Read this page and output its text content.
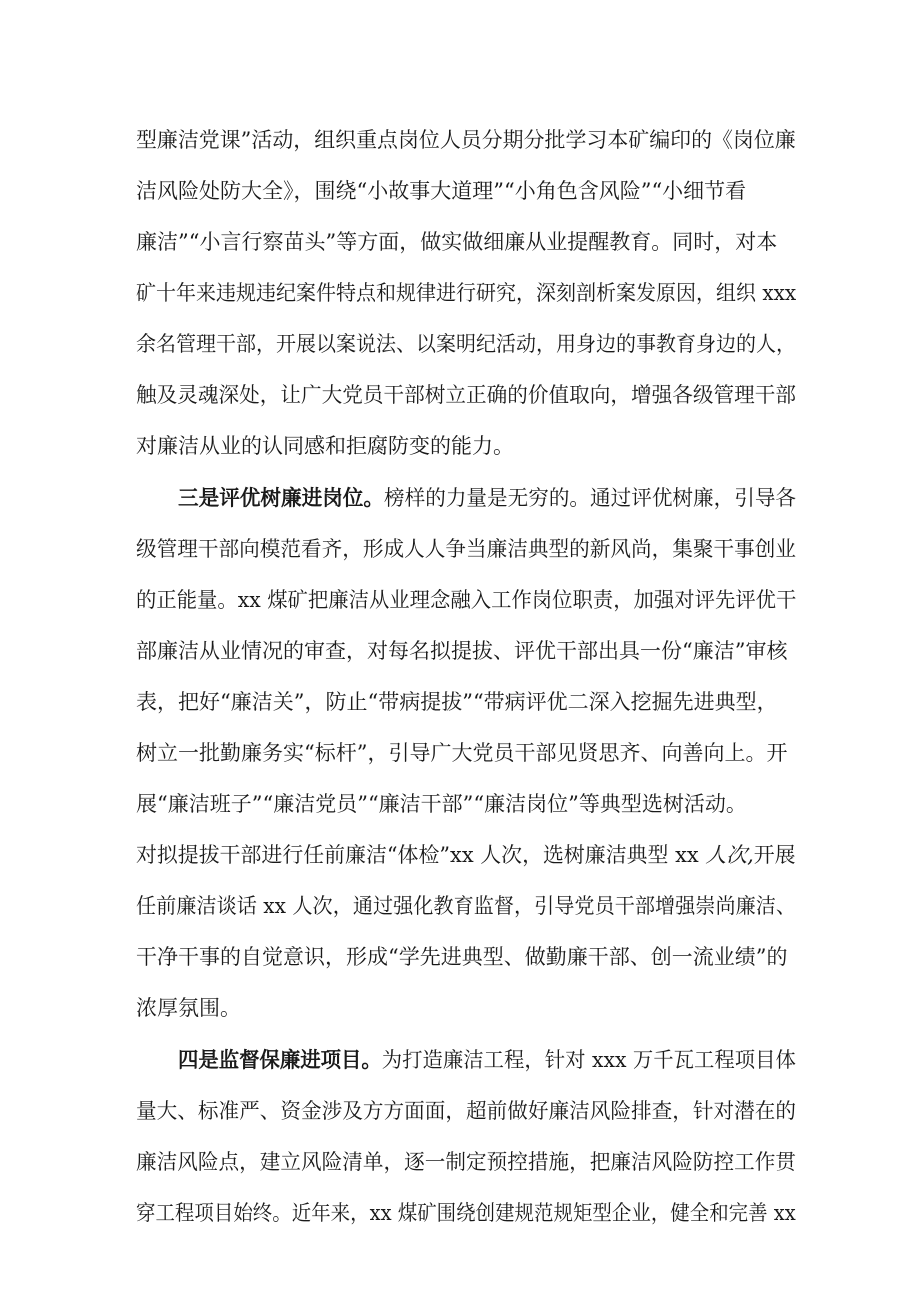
型廉洁党课”活动，组织重点岗位人员分期分批学习本矿编印的《岗位廉
洁风险处防大全》，围绕“小故事大道理”“小角色含风险”“小细节看
廉洁”“小言行察苗头”等方面，做实做细廉从业提醒教育。同时，对本
矿十年来违规违纪案件特点和规律进行研究，深刻剖析案发原因，组织 xxx
余名管理干部，开展以案说法、以案明纪活动，用身边的事教育身边的人，
触及灵魂深处，让广大党员干部树立正确的价值取向，增强各级管理干部
对廉洁从业的认同感和拒腐防变的能力。
三是评优树廉进岗位。榜样的力量是无穷的。通过评优树廉，引导各
级管理干部向模范看齐，形成人人争当廉洁典型的新风尚，集聚干事创业
的正能量。xx 煤矿把廉洁从业理念融入工作岗位职责，加强对评先评优干
部廉洁从业情况的审查，对每名拟提拔、评优干部出具一份“廉洁”审核
表，把好“廉洁关”，防止“带病提拔”“带病评优二深入挖掘先进典型，
树立一批勤廉务实“标杆”，引导广大党员干部见贤思齐、向善向上。开
展“廉洁班子”“廉洁党员”“廉洁干部”“廉洁岗位”等典型选树活动。
对拟提拔干部进行任前廉洁“体检”xx 人次，选树廉洁典型 xx 人次,开展
任前廉洁谈话 xx 人次，通过强化教育监督，引导党员干部增强崇尚廉洁、
干净干事的自觉意识，形成“学先进典型、做勤廉干部、创一流业绩”的
浓厚氛围。
四是监督保廉进项目。为打造廉洁工程，针对 xxx 万千瓦工程项目体
量大、标准严、资金涉及方方面面，超前做好廉洁风险排查，针对潜在的
廉洁风险点，建立风险清单，逐一制定预控措施，把廉洁风险防控工作贯
穿工程项目始终。近年来，xx 煤矿围绕创建规范规矩型企业，健全和完善 xx
